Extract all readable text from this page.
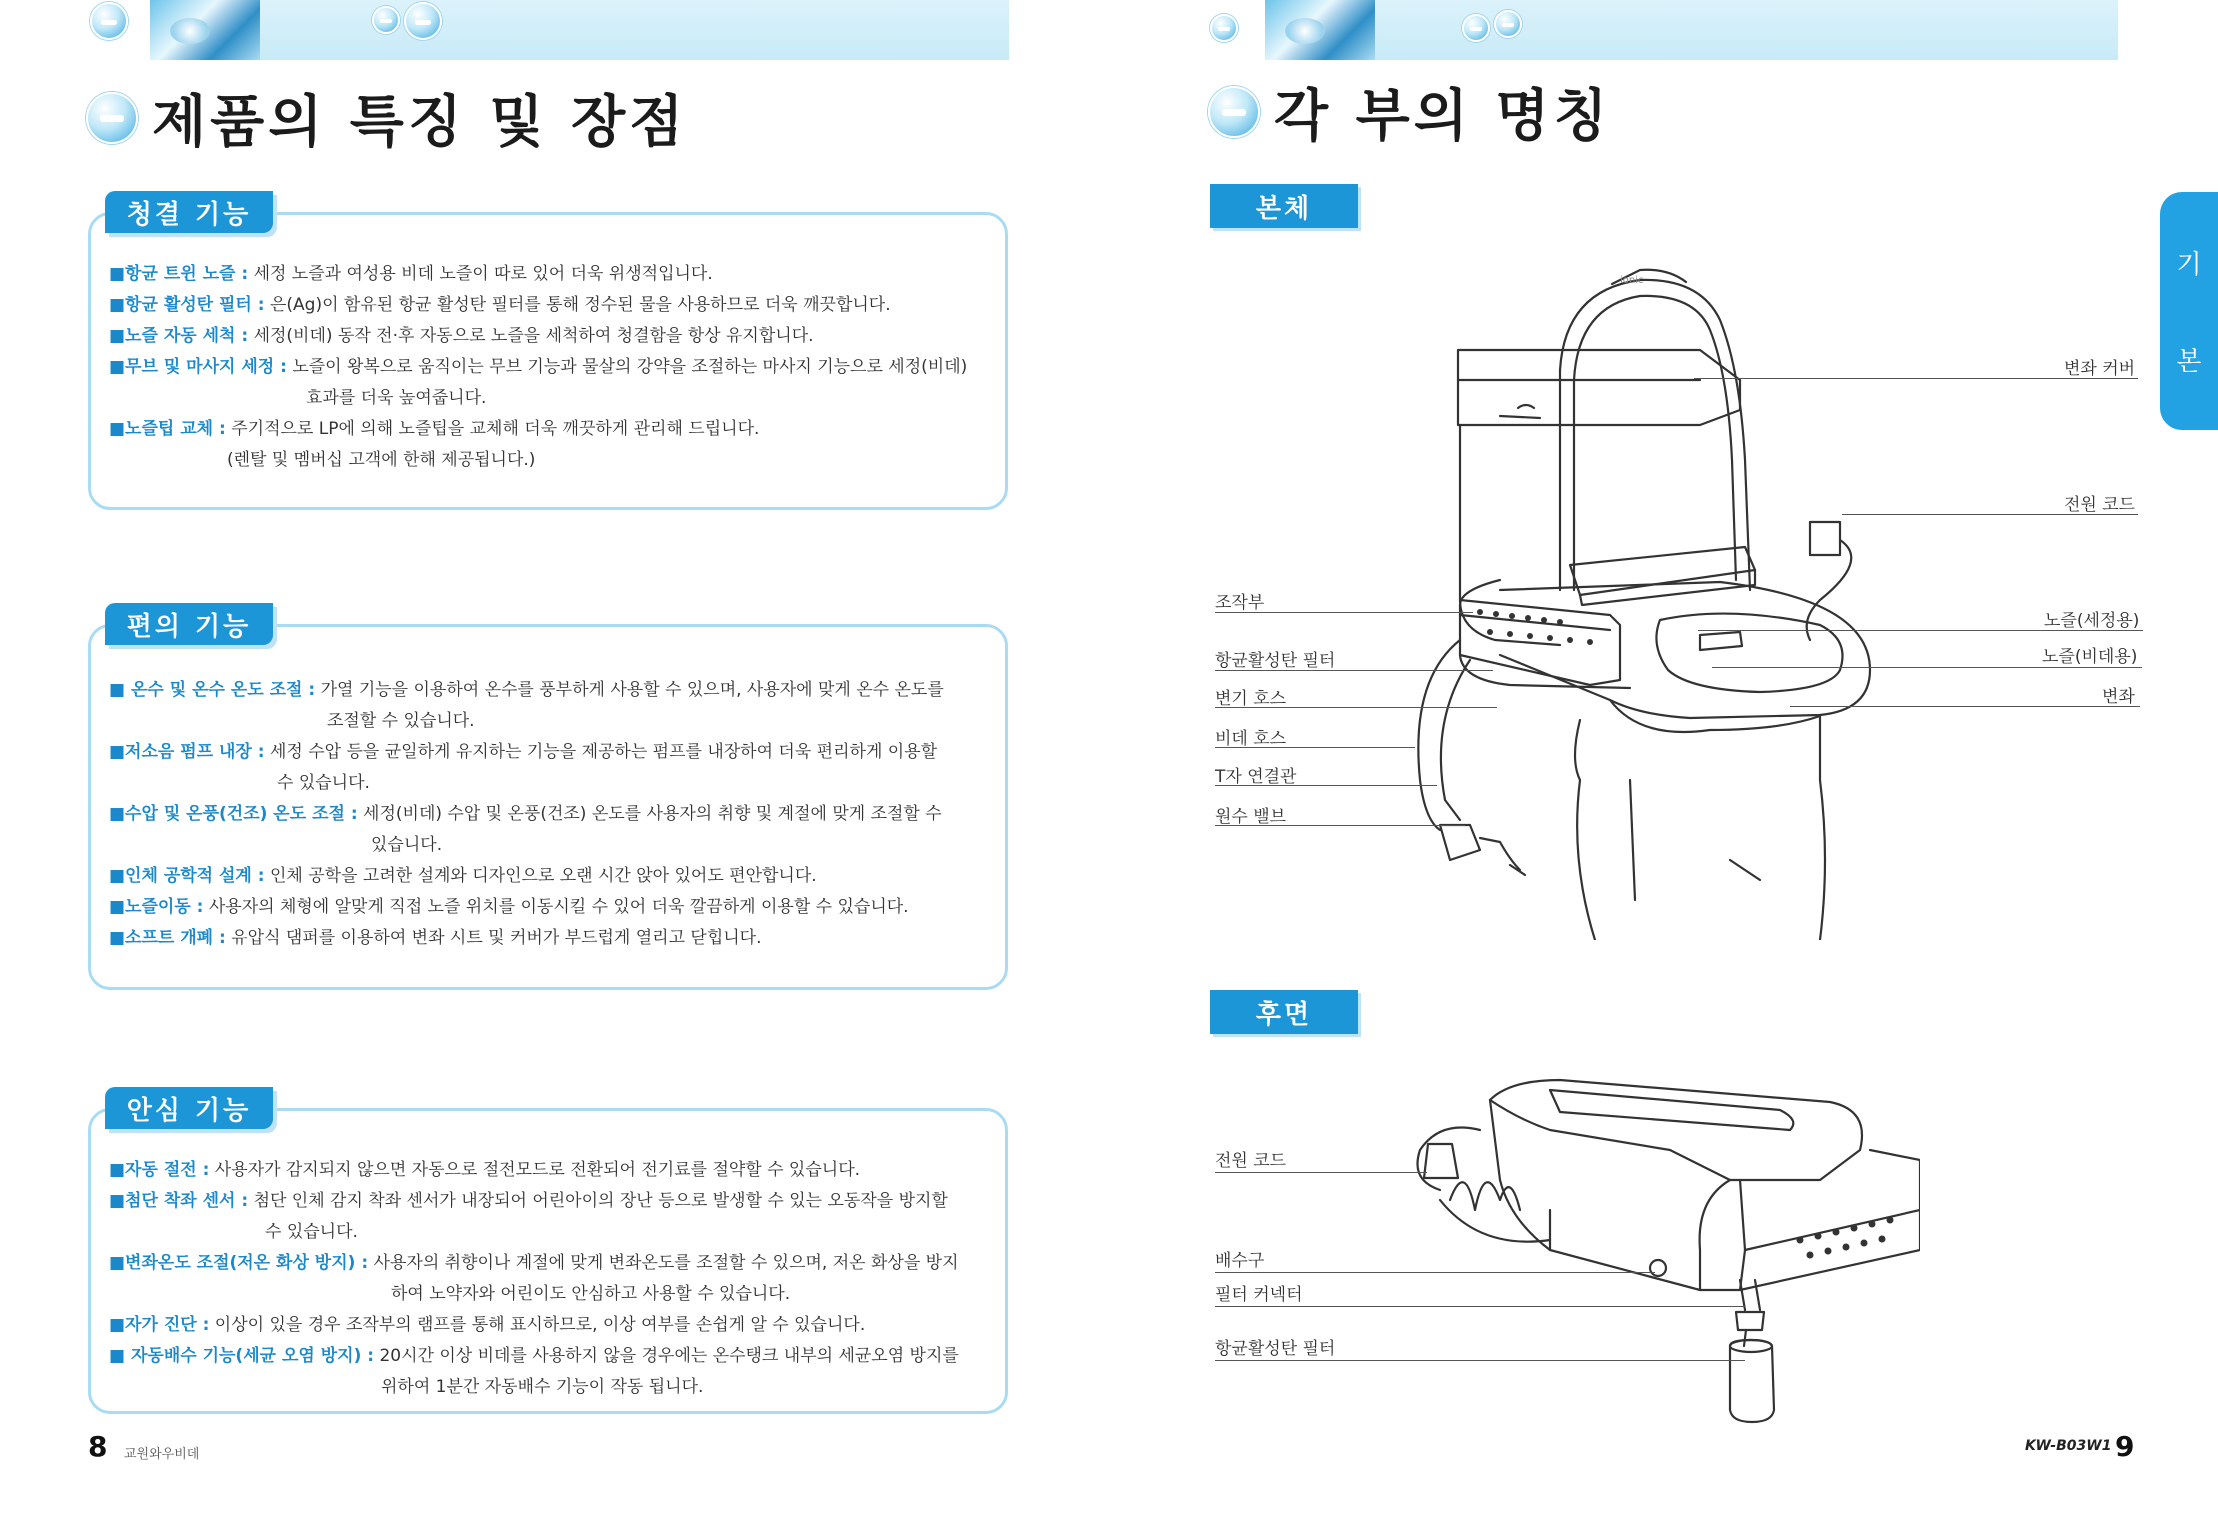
제품의 특징 및 장점	각 부의 명칭
청결 기능
■항균 트윈 노즐 : 세정 노즐과 여성용 비데 노즐이 따로 있어 더욱 위생적입니다.
■항균 활성탄 필터 : 은(Ag)이 함유된 항균 활성탄 필터를 통해 정수된 물을 사용하므로 더욱 깨끗합니다.
■노즐 자동 세척 : 세정(비데) 동작 전·후 자동으로 노즐을 세척하여 청결함을 항상 유지합니다.
■무브 및 마사지 세정 : 노즐이 왕복으로 움직이는 무브 기능과 물살의 강약을 조절하는 마사지 기능으로 세정(비데)
효과를 더욱 높여줍니다.
■노즐팁 교체 : 주기적으로 LP에 의해 노즐팁을 교체해 더욱 깨끗하게 관리해 드립니다.
(렌탈 및 멤버십 고객에 한해 제공됩니다.)
편의 기능
■ 온수 및 온수 온도 조절 : 가열 기능을 이용하여 온수를 풍부하게 사용할 수 있으며, 사용자에 맞게 온수 온도를
조절할 수 있습니다.
■저소음 펌프 내장 : 세정 수압 등을 균일하게 유지하는 기능을 제공하는 펌프를 내장하여 더욱 편리하게 이용할
수 있습니다.
■수압 및 온풍(건조) 온도 조절 : 세정(비데) 수압 및 온풍(건조) 온도를 사용자의 취향 및 계절에 맞게 조절할 수
있습니다.
■인체 공학적 설계 : 인체 공학을 고려한 설계와 디자인으로 오랜 시간 앉아 있어도 편안합니다.
■노즐이동 : 사용자의 체형에 알맞게 직접 노즐 위치를 이동시킬 수 있어 더욱 깔끔하게 이용할 수 있습니다.
■소프트 개폐 : 유압식 댐퍼를 이용하여 변좌 시트 및 커버가 부드럽게 열리고 닫힙니다.
안심 기능
■자동 절전 : 사용자가 감지되지 않으면 자동으로 절전모드로 전환되어 전기료를 절약할 수 있습니다.
■첨단 착좌 센서 : 첨단 인체 감지 착좌 센서가 내장되어 어린아이의 장난 등으로 발생할 수 있는 오동작을 방지할
수 있습니다.
■변좌온도 조절(저온 화상 방지) : 사용자의 취향이나 계절에 맞게 변좌온도를 조절할 수 있으며, 저온 화상을 방지
하여 노약자와 어린이도 안심하고 사용할 수 있습니다.
■자가 진단 : 이상이 있을 경우 조작부의 램프를 통해 표시하므로, 이상 여부를 손쉽게 알 수 있습니다.
■ 자동배수 기능(세균 오염 방지) : 20시간 이상 비데를 사용하지 않을 경우에는 온수탱크 내부의 세균오염 방지를
위하여 1분간 자동배수 기능이 작동 됩니다.
8 교원와우비데
본체
ionic
조작부
항균활성탄 필터
변기 호스
비데 호스
T자 연결관
원수 밸브
변좌 커버
전원 코드
노즐(세정용)
노즐(비데용)
변좌
후면
전원 코드
배수구
필터 커넥터
항균활성탄 필터
기
본
KW-B03W1 9
